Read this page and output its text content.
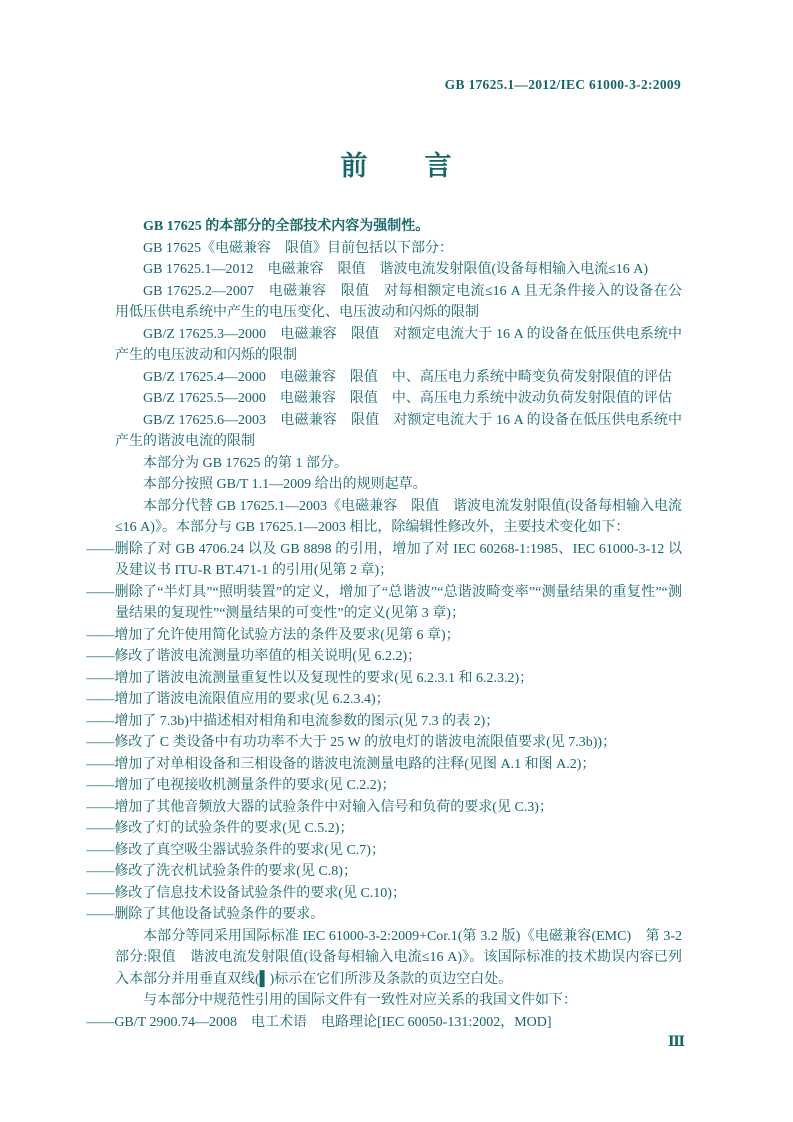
GB 17625.1—2012/IEC 61000-3-2:2009
前　　言

GB 17625 的本部分的全部技术内容为强制性。

GB 17625《电磁兼容　限值》目前包括以下部分：

GB 17625.1—2012　电磁兼容　限值　谐波电流发射限值(设备每相输入电流≤16 A)

GB 17625.2—2007　电磁兼容　限值　对每相额定电流≤16 A 且无条件接入的设备在公用低压供电系统中产生的电压变化、电压波动和闪烁的限制

GB/Z 17625.3—2000　电磁兼容　限值　对额定电流大于 16 A 的设备在低压供电系统中产生的电压波动和闪烁的限制

GB/Z 17625.4—2000　电磁兼容　限值　中、高压电力系统中畸变负荷发射限值的评估

GB/Z 17625.5—2000　电磁兼容　限值　中、高压电力系统中波动负荷发射限值的评估

GB/Z 17625.6—2003　电磁兼容　限值　对额定电流大于 16 A 的设备在低压供电系统中产生的谐波电流的限制

本部分为 GB 17625 的第 1 部分。

本部分按照 GB/T 1.1—2009 给出的规则起草。

本部分代替 GB 17625.1—2003《电磁兼容　限值　谐波电流发射限值(设备每相输入电流≤16 A)》。本部分与 GB 17625.1—2003 相比，除编辑性修改外，主要技术变化如下：

——删除了对 GB 4706.24 以及 GB 8898 的引用，增加了对 IEC 60268-1:1985、IEC 61000-3-12 以及建议书 ITU-R BT.471-1 的引用(见第 2 章)；

——删除了“半灯具”“照明装置”的定义，增加了“总谐波”“总谐波畸变率”“测量结果的重复性”“测量结果的复现性”“测量结果的可变性”的定义(见第 3 章)；

——增加了允许使用简化试验方法的条件及要求(见第 6 章)；

——修改了谐波电流测量功率值的相关说明(见 6.2.2)；

——增加了谐波电流测量重复性以及复现性的要求(见 6.2.3.1 和 6.2.3.2)；

——增加了谐波电流限值应用的要求(见 6.2.3.4)；

——增加了 7.3b)中描述相对相角和电流参数的图示(见 7.3 的表 2)；

——修改了 C 类设备中有功功率不大于 25 W 的放电灯的谐波电流限值要求(见 7.3b))；

——增加了对单相设备和三相设备的谐波电流测量电路的注释(见图 A.1 和图 A.2)；

——增加了电视接收机测量条件的要求(见 C.2.2)；

——增加了其他音频放大器的试验条件中对输入信号和负荷的要求(见 C.3)；

——修改了灯的试验条件的要求(见 C.5.2)；

——修改了真空吸尘器试验条件的要求(见 C.7)；

——修改了洗衣机试验条件的要求(见 C.8)；

——修改了信息技术设备试验条件的要求(见 C.10)；

——删除了其他设备试验条件的要求。

本部分等同采用国际标准 IEC 61000-3-2:2009+Cor.1(第 3.2 版)《电磁兼容(EMC)　第 3-2 部分:限值　谐波电流发射限值(设备每相输入电流≤16 A)》。该国际标准的技术勘误内容已列入本部分并用垂直双线(▌)标示在它们所涉及条款的页边空白处。

与本部分中规范性引用的国际文件有一致性对应关系的我国文件如下：

——GB/T 2900.74—2008　电工术语　电路理论[IEC 60050-131:2002，MOD]

Ⅲ
